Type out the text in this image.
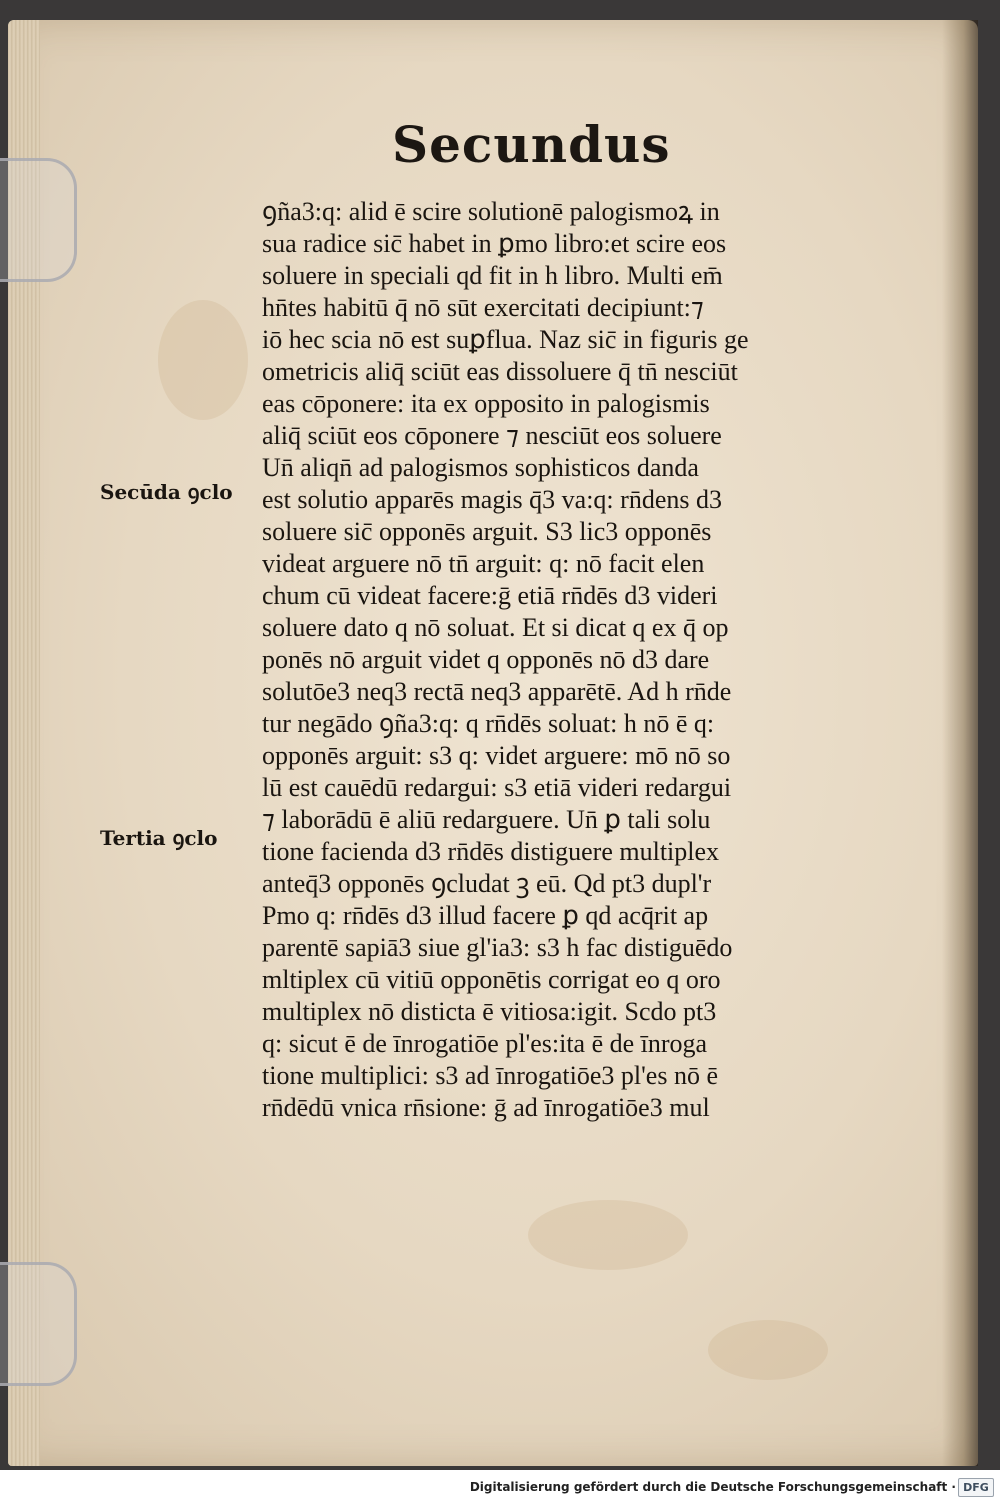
Secundus

Secūda ꝯclo

Tertia ꝯclo

ꝯña3:q: alid ē scire solutionē palogismoꝝ in
sua radice sic̄ habet in ꝑmo libro:et scire eos
soluere in speciali qd fit in h libro. Multi em̄
hn̄tes habitū q̄ nō sūt exercitati decipiunt:⁊
iō hec scia nō est suꝑflua. Naz sic̄ in figuris ge
ometricis aliq̄ sciūt eas dissoluere q̄ tn̄ nesciūt
eas cōponere: ita ex opposito in palogismis
aliq̄ sciūt eos cōponere ⁊ nesciūt eos soluere
Un̄ aliqn̄ ad palogismos sophisticos danda
est solutio apparēs magis q̄3 va:q: rn̄dens d3
soluere sic̄ opponēs arguit. S3 lic3 opponēs
videat arguere nō tn̄ arguit: q: nō facit elen
chum cū videat facere:ḡ etiā rn̄dēs d3 videri
soluere dato q nō soluat. Et si dicat q ex q̄ op
ponēs nō arguit videt q opponēs nō d3 dare
solutōe3 neq3 rectā neq3 apparētē. Ad h rn̄de
tur negādo ꝯña3:q: q rn̄dēs soluat: h nō ē q:
opponēs arguit: s3 q: videt arguere: mō nō so
lū est cauēdū redargui: s3 etiā videri redargui
⁊ laborādū ē aliū redarguere. Un̄ ꝑ tali solu
tione facienda d3 rn̄dēs distiguere multiplex
anteq̄3 opponēs ꝯcludat ꝫ eū. Qd pt3 dupl'r
Pmo q: rn̄dēs d3 illud facere ꝑ qd acq̄rit ap
parentē sapiā3 siue gl'ia3: s3 h fac distiguēdo
mltiplex cū vitiū opponētis corrigat eo q oro
multiplex nō disticta ē vitiosa:igit. Scdo pt3
q: sicut ē de īnrogatiōe pl'es:ita ē de īnroga
tione multiplici: s3 ad īnrogatiōe3 pl'es nō ē
rn̄dēdū vnica rn̄sione: ḡ ad īnrogatiōe3 mul
Digitalisierung gefördert durch die Deutsche Forschungsgemeinschaft · DFG
